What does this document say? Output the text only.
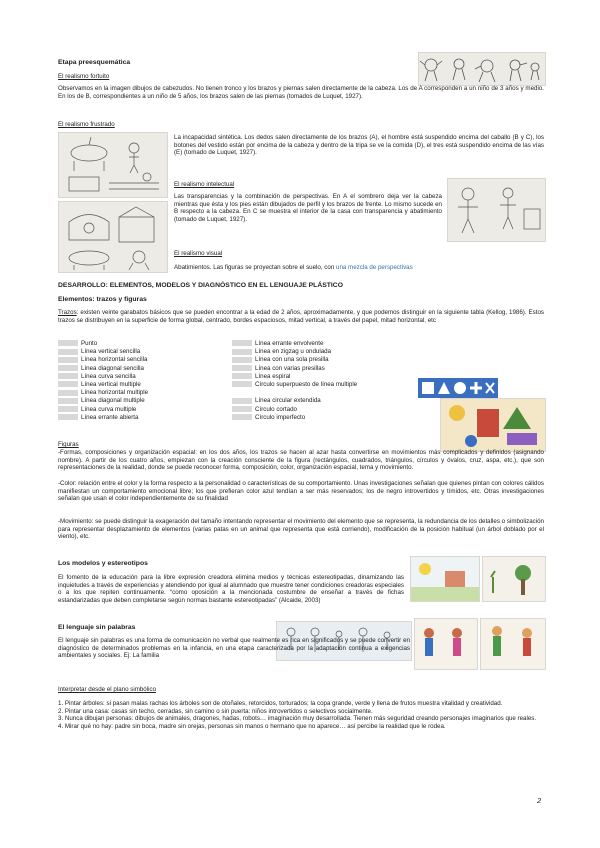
Etapa preesquemática
El realismo fortuito
Observamos en la imagen dibujos de cabezudos. No tienen tronco y los brazos y piernas salen directamente de la cabeza. Los de A corresponden a un niño de 3 años y medio. En los de B, correspondientes a un niño de 5 años, los brazos salen de las piernas (tomados de Luquet, 1927).
El realismo frustrado
La incapacidad sintética. Los dedos salen directamente de los brazos (A), el hombre está suspendido encima del caballo (B y C), los botones del vestido están por encima de la cabeza y dentro de la tripa se ve la comida (D), el tres está suspendido encima de las vías (E) (tomado de Luquet, 1927).
El realismo intelectual
Las transparencias y la combinación de perspectivas. En A el sombrero deja ver la cabeza mientras que ésta y los pies están dibujados de perfil y los brazos de frente. Lo mismo sucede en B respecto a la cabeza. En C se muestra el interior de la casa con transparencia y abatimiento (tomado de Luquet, 1927).
El realismo visual
Abatimientos. Las figuras se proyectan sobre el suelo, con una mezcla de perspectivas
DESARROLLO: ELEMENTOS, MODELOS Y DIAGNÓSTICO EN EL LENGUAJE PLÁSTICO
Elementos: trazos y figuras
Trazos: existen veinte garabatos básicos que se pueden encontrar a la edad de 2 años, aproximadamente, y que podemos distinguir en la siguiente tabla (Kellog, 1986). Estos trazos se distribuyen en la superficie de forma global, centrado, bordes espaciosos, mitad vertical, a través del papel, mitad horizontal, etc
Punto
Línea vertical sencilla
Línea horizontal sencilla
Línea diagonal sencilla
Línea curva sencilla
Línea vertical multiple
Línea horizontal multiple
Línea diagonal multiple
Línea curva multiple
Línea errante abierta
Línea errante envolvente
Línea en zigzag u ondulada
Línea con una sola presilla
Línea con varias presillas
Línea espiral
Círculo superpuesto de línea multiple
Línea circular extendida
Círculo cortado
Círculo imperfecto
Figuras
-Formas, composiciones y organización espacial: en los dos años, los trazos se hacen al azar hasta convertirse en movimientos más complicados y definidos (asignando nombre). A partir de los cuatro años, empiezan con la creación consciente de la figura (rectángulos, cuadrados, triángulos, círculos y óvalos, cruz, aspa, etc.), que son representaciones de la realidad, donde se puede reconocer forma, composición, color, organización espacial, tema y movimiento.
-Color: relación entre el color y la forma respecto a la personalidad o características de su comportamiento. Unas investigaciones señalan que quienes pintan con colores cálidos manifiestan un comportamiento emocional libre; los que prefieran color azul tendían a ser más reservados; los de negro introvertidos y tímidos, etc. Otras investigaciones señalan que usan el color independientemente de su finalidad
-Movimiento: se puede distinguir la exageración del tamaño intentando representar el movimiento del elemento que se representa, la redundancia de los detalles o simbolización para representar desplazamiento de elementos (varias patas en un animal que representa que está corriendo), modificación de la posición habitual (un árbol doblado por el viento), etc.
Los modelos y estereotipos
El fomento de la educación para la libre expresión creadora elimina medios y técnicas estereotipadas, dinamizando las inquietudes a través de experiencias y atendiendo por igual al alumnado que muestre tener condiciones creadoras especiales o a los que repiten continuamente. “como oposición a la mencionada costumbre de enseñar a través de fichas estandarizadas que deben completarse según normas bastante estereotipadas” (Alcaide, 2003)
El lenguaje sin palabras
El lenguaje sin palabras es una forma de comunicación no verbal que realmente es rica en significados y se puede convertir en diagnóstico de determinados problemas en la infancia, en una etapa caracterizada por la adaptación continua a exigencias ambientales y sociales. Ej: La familia
Interpretar desde el plano simbólico
1. Pintar árboles: si pasan malas rachas los árboles son de otoñales, retorcidos, torturados; la copa grande, verde y llena de frutos muestra vitalidad y creatividad.
2. Pintar una casa: casas sin techo, cerradas, sin camino o sin puerta: niños introvertidos o selectivos socialmente.
3. Nunca dibujan personas: dibujos de animales, dragones, hadas, robots… imaginación muy desarrollada. Tienen más seguridad creando personajes imaginarios que reales.
4. Mirar qué no hay: padre sin boca, madre sin orejas, personas sin manos o hermano que no aparece… así percibe la realidad que le rodea.
2
